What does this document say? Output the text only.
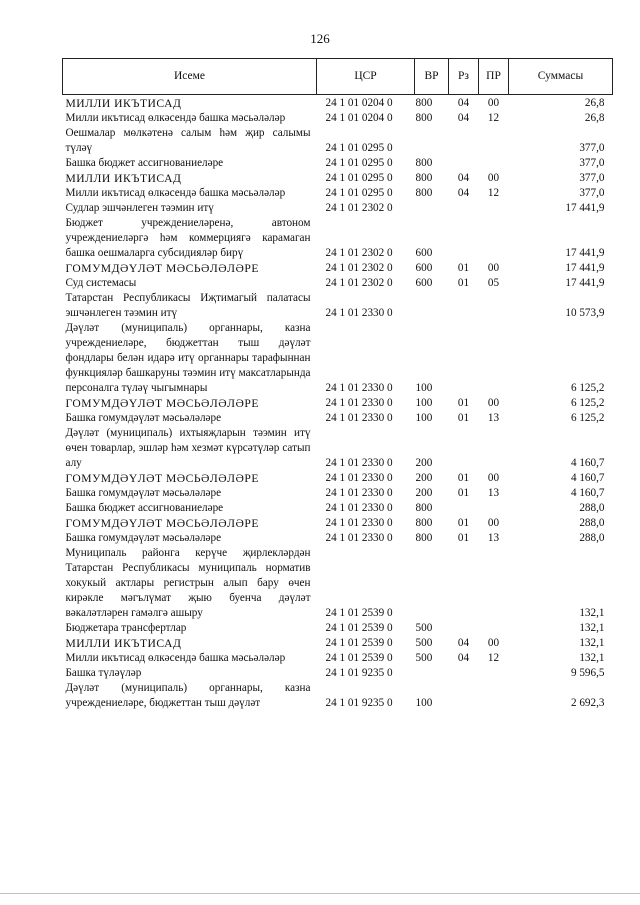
126
Исеме	ЦСР	ВР	Рз	ПР	Суммасы
МИЛЛИ ИКЪТИСАД	24 1 01 0204 0	800	04	00	26,8
Милли икътисад өлкәсендә башка мәсьәләләр	24 1 01 0204 0	800	04	12	26,8
Оешмалар мөлкәтенә салым һәм җир салымы түләү	24 1 01 0295 0				377,0
Башка бюджет ассигнованиеләре	24 1 01 0295 0	800			377,0
МИЛЛИ ИКЪТИСАД	24 1 01 0295 0	800	04	00	377,0
Милли икътисад өлкәсендә башка мәсьәләләр	24 1 01 0295 0	800	04	12	377,0
Судлар эшчәнлеген тәэмин итү	24 1 01 2302 0				17 441,9
Бюджет учреждениеләренә, автоном учреждениеләргә һәм коммерциягә карамаган башка оешмаларга субсидияләр бирү	24 1 01 2302 0	600			17 441,9
ГОМУМДӘҮЛӘТ МӘСЬӘЛӘЛӘРЕ	24 1 01 2302 0	600	01	00	17 441,9
Суд системасы	24 1 01 2302 0	600	01	05	17 441,9
Татарстан Республикасы Иҗтимагый палатасы эшчәнлеген тәэмин итү	24 1 01 2330 0				10 573,9
Дәүләт (муниципаль) органнары, казна учреждениеләре, бюджеттан тыш дәүләт фондлары белән идарә итү органнары тарафыннан функцияләр башкаруны тәэмин итү максатларында персоналга түләү чыгымнары	24 1 01 2330 0	100			6 125,2
ГОМУМДӘҮЛӘТ МӘСЬӘЛӘЛӘРЕ	24 1 01 2330 0	100	01	00	6 125,2
Башка гомумдәүләт мәсьәләләре	24 1 01 2330 0	100	01	13	6 125,2
Дәүләт (муниципаль) ихтыяҗларын тәэмин итү өчен товарлар, эшләр һәм хезмәт күрсәтүләр сатып алу	24 1 01 2330 0	200			4 160,7
ГОМУМДӘҮЛӘТ МӘСЬӘЛӘЛӘРЕ	24 1 01 2330 0	200	01	00	4 160,7
Башка гомумдәүләт мәсьәләләре	24 1 01 2330 0	200	01	13	4 160,7
Башка бюджет ассигнованиеләре	24 1 01 2330 0	800			288,0
ГОМУМДӘҮЛӘТ МӘСЬӘЛӘЛӘРЕ	24 1 01 2330 0	800	01	00	288,0
Башка гомумдәүләт мәсьәләләре	24 1 01 2330 0	800	01	13	288,0
Муниципаль районга керүче җирлекләрдән Татарстан Республикасы муниципаль норматив хокукый актлары регистрын алып бару өчен кирәкле мәгълүмат җыю буенча дәүләт вәкаләтләрен гамәлгә ашыру	24 1 01 2539 0				132,1
Бюджетара трансфертлар	24 1 01 2539 0	500			132,1
МИЛЛИ ИКЪТИСАД	24 1 01 2539 0	500	04	00	132,1
Милли икътисад өлкәсендә башка мәсьәләләр	24 1 01 2539 0	500	04	12	132,1
Башка түләүләр	24 1 01 9235 0				9 596,5
Дәүләт (муниципаль) органнары, казна учреждениеләре, бюджеттан тыш дәүләт	24 1 01 9235 0	100			2 692,3
